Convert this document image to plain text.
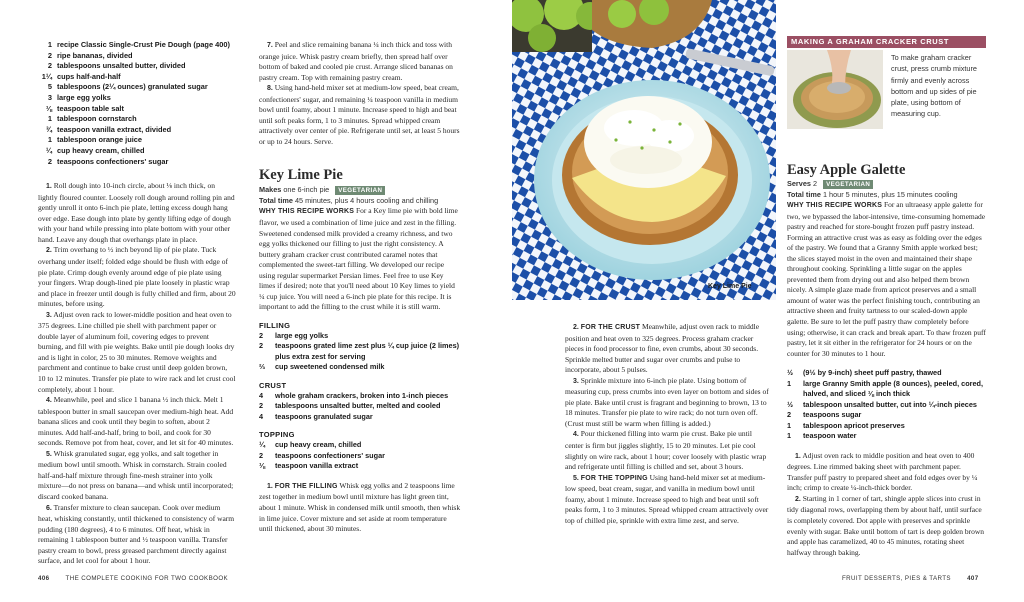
1 recipe Classic Single-Crust Pie Dough (page 400)
2 ripe bananas, divided
2 tablespoons unsalted butter, divided
1¼ cups half-and-half
5 tablespoons (2¼ ounces) granulated sugar
3 large egg yolks
⅛ teaspoon table salt
1 tablespoon cornstarch
¾ teaspoon vanilla extract, divided
1 tablespoon orange juice
¼ cup heavy cream, chilled
2 teaspoons confectioners' sugar

1. Roll dough into 10-inch circle, about ⅛ inch thick, on lightly floured counter. Loosely roll dough around rolling pin and gently unroll it onto 6-inch pie plate, letting excess dough hang over edge. Ease dough into plate by gently lifting edge of dough with your hand while pressing into plate bottom with your other hand. Leave any dough that overhangs plate in place.

2. Trim overhang to ½ inch beyond lip of pie plate. Tuck overhang under itself; folded edge should be flush with edge of pie plate. Crimp dough evenly around edge of pie plate using your fingers. Wrap dough-lined pie plate loosely in plastic wrap and place in freezer until dough is fully chilled and firm, about 20 minutes, before using.

3. Adjust oven rack to lower-middle position and heat oven to 375 degrees. Line chilled pie shell with parchment paper or double layer of aluminum foil, covering edges to prevent burning, and fill with pie weights. Bake until pie dough looks dry and is light in color, 25 to 30 minutes. Remove weights and parchment and continue to bake crust until deep golden brown, 10 to 12 minutes. Transfer pie plate to wire rack and let crust cool completely, about 1 hour.

4. Meanwhile, peel and slice 1 banana ½ inch thick. Melt 1 tablespoon butter in small saucepan over medium-high heat. Add banana slices and cook until they begin to soften, about 2 minutes. Add half-and-half, bring to boil, and cook for 30 seconds. Remove pot from heat, cover, and let sit for 40 minutes.

5. Whisk granulated sugar, egg yolks, and salt together in medium bowl until smooth. Whisk in cornstarch. Strain cooled half-and-half mixture through fine-mesh strainer into yolk mixture—do not press on banana—and whisk until incorporated; discard cooked banana.

6. Transfer mixture to clean saucepan. Cook over medium heat, whisking constantly, until thickened to consistency of warm pudding (180 degrees), 4 to 6 minutes. Off heat, whisk in remaining 1 tablespoon butter and ½ teaspoon vanilla. Transfer pastry cream to bowl, press greased parchment directly against surface, and let cool for about 1 hour.

7. Peel and slice remaining banana ¼ inch thick and toss with orange juice. Whisk pastry cream briefly, then spread half over bottom of baked and cooled pie crust. Arrange sliced bananas on pastry cream. Top with remaining pastry cream.

8. Using hand-held mixer set at medium-low speed, beat cream, confectioners' sugar, and remaining ¼ teaspoon vanilla in medium bowl until foamy, about 1 minute. Increase speed to high and beat until soft peaks form, 1 to 3 minutes. Spread whipped cream attractively over center of pie. Refrigerate until set, at least 5 hours or up to 24 hours. Serve.

Key Lime Pie
Makes one 6-inch pie VEGETARIAN
Total time 45 minutes, plus 4 hours cooling and chilling
WHY THIS RECIPE WORKS For a Key lime pie with bold lime flavor, we used a combination of lime juice and zest in the filling. Sweetened condensed milk provided a creamy richness, and two egg yolks thickened our filling to just the right consistency. A buttery graham cracker crust contributed caramel notes that complemented the sweet-tart filling. We developed our recipe using regular supermarket Persian limes. Feel free to use Key limes if desired; note that you'll need about 10 Key limes to yield ¼ cup juice. You will need a 6-inch pie plate for this recipe. It is important to add the filling to the crust while it is still warm.
FILLING
2	large egg yolks
2	teaspoons grated lime zest plus ¼ cup juice (2 limes) plus extra zest for serving
⅔	cup sweetened condensed milk
CRUST
4	whole graham crackers, broken into 1-inch pieces
2	tablespoons unsalted butter, melted and cooled
4	teaspoons granulated sugar
TOPPING
¼	cup heavy cream, chilled
2	teaspoons confectioners' sugar
⅛	teaspoon vanilla extract

1. FOR THE FILLING Whisk egg yolks and 2 teaspoons lime zest together in medium bowl until mixture has light green tint, about 1 minute. Whisk in condensed milk until smooth, then whisk in lime juice. Cover mixture and set aside at room temperature until thickened, about 30 minutes.

Key Lime Pie

2. FOR THE CRUST Meanwhile, adjust oven rack to middle position and heat oven to 325 degrees. Process graham cracker pieces in food processor to fine, even crumbs, about 30 seconds. Sprinkle melted butter and sugar over crumbs and pulse to incorporate, about 5 pulses.

3. Sprinkle mixture into 6-inch pie plate. Using bottom of measuring cup, press crumbs into even layer on bottom and sides of pie plate. Bake until crust is fragrant and beginning to brown, 13 to 18 minutes. Transfer pie plate to wire rack; do not turn oven off. (Crust must still be warm when filling is added.)

4. Pour thickened filling into warm pie crust. Bake pie until center is firm but jiggles slightly, 15 to 20 minutes. Let pie cool slightly on wire rack, about 1 hour; cover loosely with plastic wrap and refrigerate until filling is chilled and set, about 3 hours.

5. FOR THE TOPPING Using hand-held mixer set at medium-low speed, beat cream, sugar, and vanilla in medium bowl until foamy, about 1 minute. Increase speed to high and beat until soft peaks form, 1 to 3 minutes. Spread whipped cream attractively over top of chilled pie, sprinkle with extra lime zest, and serve.

MAKING A GRAHAM CRACKER CRUST
To make graham cracker crust, press crumb mixture firmly and evenly across bottom and up sides of pie plate, using bottom of measuring cup.
Easy Apple Galette
Serves 2 VEGETARIAN
Total time 1 hour 5 minutes, plus 15 minutes cooling
WHY THIS RECIPE WORKS For an ultraeasy apple galette for two, we bypassed the labor-intensive, time-consuming homemade pastry and reached for store-bought frozen puff pastry instead. Forming an attractive crust was as easy as folding over the edges of the pastry. We found that a Granny Smith apple worked best; the slices stayed moist in the oven and maintained their shape throughout cooking. Sprinkling a little sugar on the apples prevented them from drying out and also helped them brown nicely. A simple glaze made from apricot preserves and a small amount of water was the perfect finishing touch, contributing an attractive sheen and fruity tartness to our scaled-down apple galette. Be sure to let the puff pastry thaw completely before using; otherwise, it can crack and break apart. To thaw frozen puff pastry, let it sit either in the refrigerator for 24 hours or on the counter for 30 minutes to 1 hour.
½	(9½ by 9-inch) sheet puff pastry, thawed
1	large Granny Smith apple (8 ounces), peeled, cored, halved, and sliced ⅛ inch thick
½	tablespoon unsalted butter, cut into ¼-inch pieces
2	teaspoons sugar
1	tablespoon apricot preserves
1	teaspoon water

1. Adjust oven rack to middle position and heat oven to 400 degrees. Line rimmed baking sheet with parchment paper. Transfer puff pastry to prepared sheet and fold edges over by ¼ inch; crimp to create ¼-inch-thick border.

2. Starting in 1 corner of tart, shingle apple slices into crust in tidy diagonal rows, overlapping them by about half, until surface is completely covered. Dot apple with preserves and sprinkle evenly with sugar. Bake until bottom of tart is deep golden brown and apple has caramelized, 40 to 45 minutes, rotating sheet halfway through baking.

406	THE COMPLETE COOKING FOR TWO COOKBOOK	FRUIT DESSERTS, PIES & TARTS	407
